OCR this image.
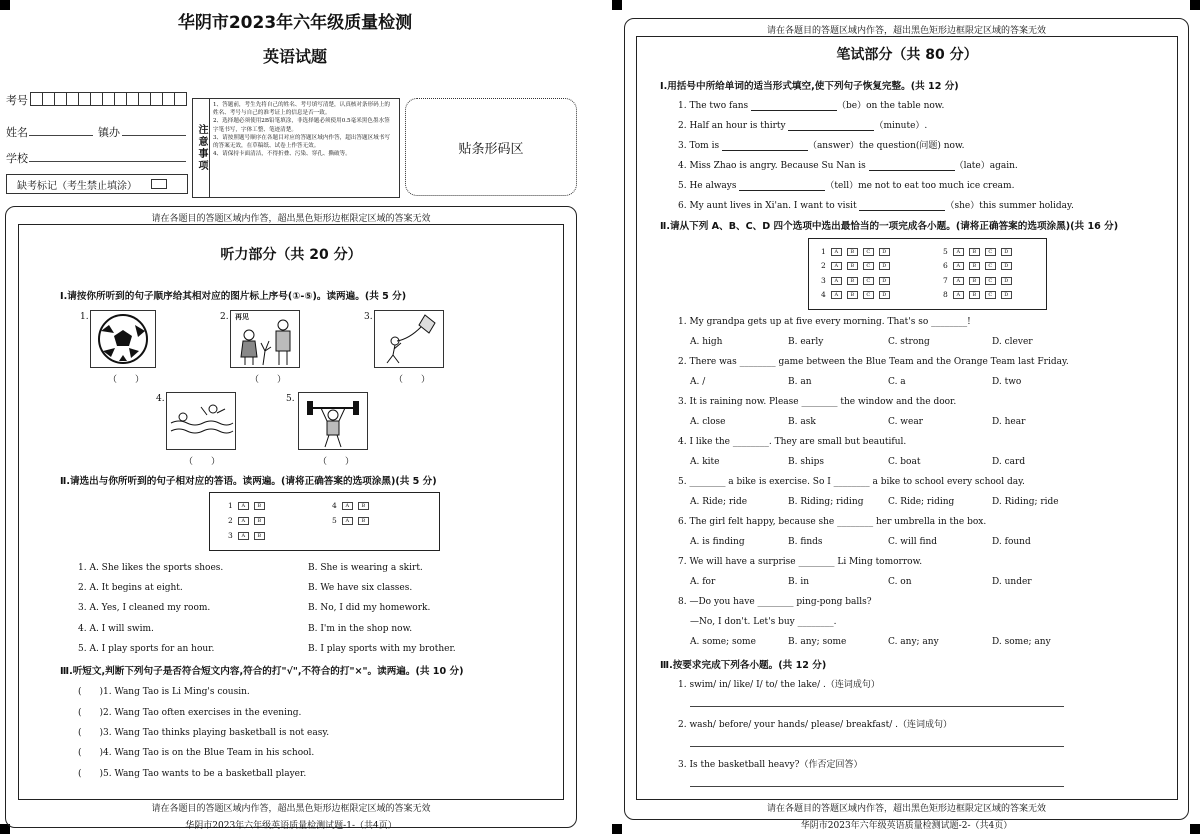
华阴市2023年六年级质量检测
英语试题
考号
姓名	镇办
学校
缺考标记（考生禁止填涂）
注意事项
1、答题前，考生先将自己的姓名、考号填写清楚，认真核对条形码上的姓名、考号与自己的准考证上的信息是否一致。
2、选择题必须使用2B铅笔填涂，非选择题必须使用0.5毫米黑色墨水签字笔书写，字体工整、笔迹清楚。
3、请按照题号顺序在各题目对应的答题区域内作答，超出答题区域书写的答案无效，在草稿纸、试卷上作答无效。
4、请保持卡面清洁，不得折叠、污染、穿孔、撕破等。	贴条形码区
请在各题目的答题区域内作答，超出黑色矩形边框限定区域的答案无效
请在各题目的答题区域内作答，超出黑色矩形边框限定区域的答案无效
华阴市2023年六年级英语质量检测试题-1-（共4页）
听力部分（共 20 分）
Ⅰ.请按你所听到的句子顺序给其相对应的图片标上序号(①-⑤)。读两遍。(共 5 分)
1.
（　　）
2. 再见
（　　）
3.
（　　）
4.
（　　）
5.
（　　）
Ⅱ.请选出与你所听到的句子相对应的答语。读两遍。(请将正确答案的选项涂黑)(共 5 分)
1	A	B
2	A	B
3	A	B
4	A	B
5	A	B
1. A. She likes the sports shoes.	B. She is wearing a skirt.
2. A. It begins at eight.	B. We have six classes.
3. A. Yes, I cleaned my room.	B. No, I did my homework.
4. A. I will swim.	B. I'm in the shop now.
5. A. I play sports for an hour.	B. I play sports with my brother.
Ⅲ.听短文,判断下列句子是否符合短文内容,符合的打"√",不符合的打"×"。读两遍。(共 10 分)
(　　)1. Wang Tao is Li Ming's cousin.
(　　)2. Wang Tao often exercises in the evening.
(　　)3. Wang Tao thinks playing basketball is not easy.
(　　)4. Wang Tao is on the Blue Team in his school.
(　　)5. Wang Tao wants to be a basketball player.
请在各题目的答题区域内作答，超出黑色矩形边框限定区域的答案无效
请在各题目的答题区域内作答，超出黑色矩形边框限定区域的答案无效
华阴市2023年六年级英语质量检测试题-2-（共4页）
笔试部分（共 80 分）
Ⅰ.用括号中所给单词的适当形式填空,使下列句子恢复完整。(共 12 分)
1. The two fans	（be）on the table now.
2. Half an hour is thirty	（minute）.
3. Tom is	（answer）the question(问题) now.
4. Miss Zhao is angry. Because Su Nan is	（late）again.
5. He always	（tell）me not to eat too much ice cream.
6. My aunt lives in Xi'an. I want to visit	（she）this summer holiday.
Ⅱ.请从下列 A、B、C、D 四个选项中选出最恰当的一项完成各小题。(请将正确答案的选项涂黑)(共 16 分)
1	A	B	C	D
2	A	B	C	D
3	A	B	C	D
4	A	B	C	D
5	A	B	C	D
6	A	B	C	D
7	A	B	C	D
8	A	B	C	D
1. My grandpa gets up at five every morning. That's so ________!
A. high	B. early	C. strong	D. clever
2. There was ________ game between the Blue Team and the Orange Team last Friday.
A. /	B. an	C. a	D. two
3. It is raining now. Please ________ the window and the door.
A. close	B. ask	C. wear	D. hear
4. I like the ________. They are small but beautiful.
A. kite	B. ships	C. boat	D. card
5. ________ a bike is exercise. So I ________ a bike to school every school day.
A. Ride; ride	B. Riding; riding	C. Ride; riding	D. Riding; ride
6. The girl felt happy, because she ________ her umbrella in the box.
A. is finding	B. finds	C. will find	D. found
7. We will have a surprise ________ Li Ming tomorrow.
A. for	B. in	C. on	D. under
8. —Do you have ________ ping-pong balls?
—No, I don't. Let's buy ________.
A. some; some	B. any; some	C. any; any	D. some; any
Ⅲ.按要求完成下列各小题。(共 12 分)
1. swim/ in/ like/ I/ to/ the lake/ .（连词成句）
2. wash/ before/ your hands/ please/ breakfast/ .（连词成句）
3. Is the basketball heavy?（作否定回答）
